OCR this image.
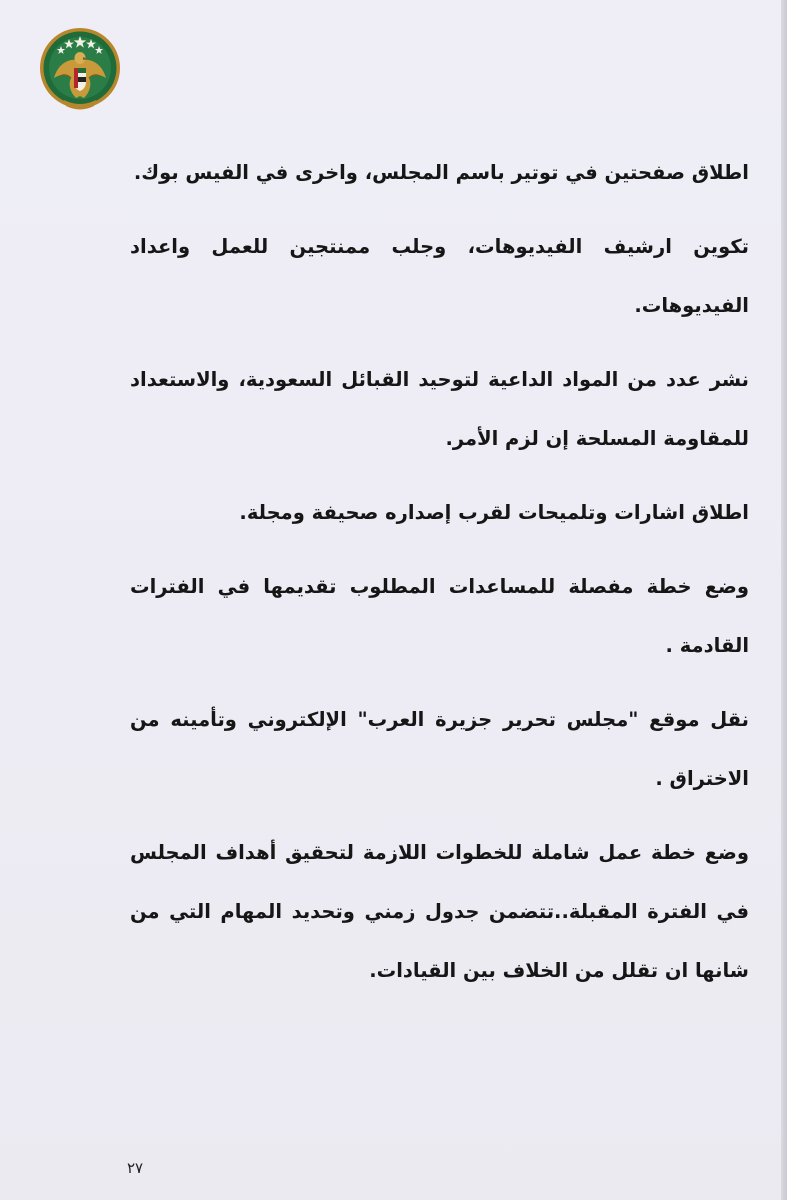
اطلاق صفحتين في توتير باسم المجلس، واخرى في الفيس بوك.

تكوين ارشيف الفيديوهات، وجلب ممنتجين للعمل واعداد الفيديوهات.

نشر عدد من المواد الداعية لتوحيد القبائل السعودية، والاستعداد للمقاومة المسلحة إن لزم الأمر.

اطلاق اشارات وتلميحات لقرب إصداره صحيفة ومجلة.

وضع خطة مفصلة للمساعدات المطلوب تقديمها في الفترات القادمة .

نقل موقع "مجلس تحرير جزيرة العرب" الإلكتروني وتأمينه من الاختراق .

وضع خطة عمل شاملة للخطوات اللازمة لتحقيق أهداف المجلس في الفترة المقبلة..تتضمن جدول زمني وتحديد المهام التي من شانها ان تقلل من الخلاف بين القيادات.

٢٧
